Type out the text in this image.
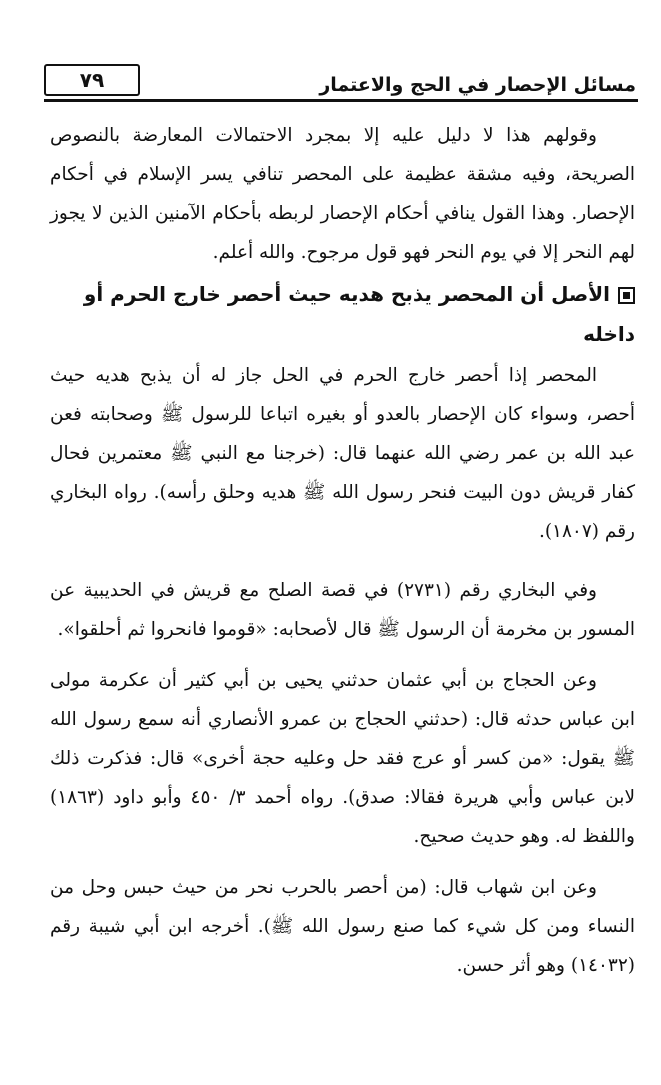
مسائل الإحصار في الحج والاعتمار
٧٩

وقولهم هذا لا دليل عليه إلا بمجرد الاحتمالات المعارضة بالنصوص الصريحة، وفيه مشقة عظيمة على المحصر تنافي يسر الإسلام في أحكام الإحصار. وهذا القول ينافي أحكام الإحصار لربطه بأحكام الآمنين الذين لا يجوز لهم النحر إلا في يوم النحر فهو قول مرجوح. والله أعلم.

الأصل أن المحصر يذبح هديه حيث أحصر خارج الحرم أو داخله

المحصر إذا أحصر خارج الحرم في الحل جاز له أن يذبح هديه حيث أحصر، وسواء كان الإحصار بالعدو أو بغيره اتباعا للرسول ﷺ وصحابته فعن عبد الله بن عمر رضي الله عنهما قال: (خرجنا مع النبي ﷺ معتمرين فحال كفار قريش دون البيت فنحر رسول الله ﷺ هديه وحلق رأسه). رواه البخاري رقم (١٨٠٧).

وفي البخاري رقم (٢٧٣١) في قصة الصلح مع قريش في الحديبية عن المسور بن مخرمة أن الرسول ﷺ قال لأصحابه: «قوموا فانحروا ثم أحلقوا».

وعن الحجاج بن أبي عثمان حدثني يحيى بن أبي كثير أن عكرمة مولى ابن عباس حدثه قال: (حدثني الحجاج بن عمرو الأنصاري أنه سمع رسول الله ﷺ يقول: «من كسر أو عرج فقد حل وعليه حجة أخرى» قال: فذكرت ذلك لابن عباس وأبي هريرة فقالا: صدق). رواه أحمد ٣/ ٤٥٠ وأبو داود (١٨٦٣) واللفظ له. وهو حديث صحيح.

وعن ابن شهاب قال: (من أحصر بالحرب نحر من حيث حبس وحل من النساء ومن كل شيء كما صنع رسول الله ﷺ). أخرجه ابن أبي شيبة رقم (١٤٠٣٢) وهو أثر حسن.
